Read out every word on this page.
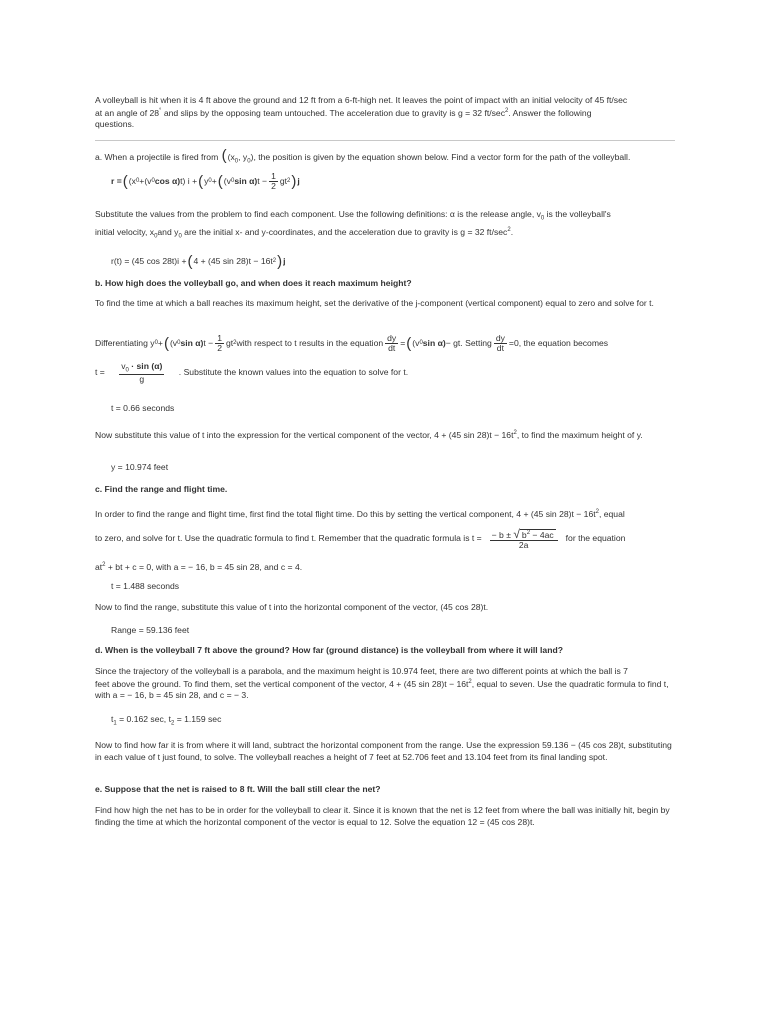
A volleyball is hit when it is 4 ft above the ground and 12 ft from a 6-ft-high net. It leaves the point of impact with an initial velocity of 45 ft/sec
at an angle of 28° and slips by the opposing team untouched. The acceleration due to gravity is g = 32 $ft/\sec^2$. Answer the following
questions.

a. When a projectile is fired from (($x_0$, $y_0$), the position is given by the equation shown below. Find a vector form for the path of the volleyball.

r = ( (x 0 + (v 0 cos α) t) i + ( y 0 + ( (v 0 sin α) $t - \frac{1}{2}$ gt 2 ) j

Substitute the values from the problem to find each component. Use the following definitions: α is the release angle, $v_0$ is the volleyball's
initial velocity, $x_0and$ $y_0$ are the initial x- and y-coordinates, and the acceleration due to gravity is g = 32 $ft/\sec^2$.

r(t) = (45 cos 28t)i + ( 4 + (45 sin 28)t − 16t 2 ) j

b. How high does the volleyball go, and when does it reach maximum height?

To find the time at which a ball reaches its maximum height, set the derivative of the j-component (vertical component) equal to zero and solve for t.

Differentiating y 0 + ( (v 0 sin α) $t - \frac{1}{2}$ gt 2 with respect to t results in the equation $\frac{dy}{dt}$ = ( (v 0 sin α) − gt. Setting $\frac{dy}{dt} =0$, the equation becomes
$t = \frac{v_0 \cdot \sin (\alpha)}{g}$ . Substitute the known values into the equation to solve for t.

t = 0.66 seconds

Now substitute this value of t into the expression for the vertical component of the vector, 4 + (45 $\sin 28)t - 16t^2$, to find the maximum height of y.

y = 10.974 feet

c. Find the range and flight time.

In order to find the range and flight time, first find the total flight time. Do this by setting the vertical component, 4 + (45 $\sin 28)t - 16t^2$, equal

to zero, and solve for t. Use the quadratic formula to find t. Remember that the quadratic formula is $t = \frac{- b \pm √ b^2 - 4ac}{2a}$ for the equation

$at^2$ + bt + c = 0, with a = − 16, b = 45 sin 28, and c = 4.

t = 1.488 seconds

Now to find the range, substitute this value of t into the horizontal component of the vector, (45 cos 28)t.

Range = 59.136 feet

d. When is the volleyball 7 ft above the ground? How far (ground distance) is the volleyball from where it will land?

Since the trajectory of the volleyball is a parabola, and the maximum height is 10.974 feet, there are two different points at which the ball is 7
feet above the ground. To find them, set the vertical component of the vector, 4 + (45 $\sin 28)t - 16t^2$, equal to seven. Use the quadratic formula to find t, with a = − 16, b = 45 sin 28, and c = − 3.

$t_1 = 0.162$ sec, $t_2 = 1.159$ sec

Now to find how far it is from where it will land, subtract the horizontal component from the range. Use the expression 59.136 − (45 cos 28)t, substituting in each value of t just found, to solve. The volleyball reaches a height of 7 feet at 52.706 feet and 13.104 feet from its final landing spot.

e. Suppose that the net is raised to 8 ft. Will the ball still clear the net?

Find how high the net has to be in order for the volleyball to clear it. Since it is known that the net is 12 feet from where the ball was initially hit, begin by finding the time at which the horizontal component of the vector is equal to 12. Solve the equation 12 = (45 cos 28)t.
